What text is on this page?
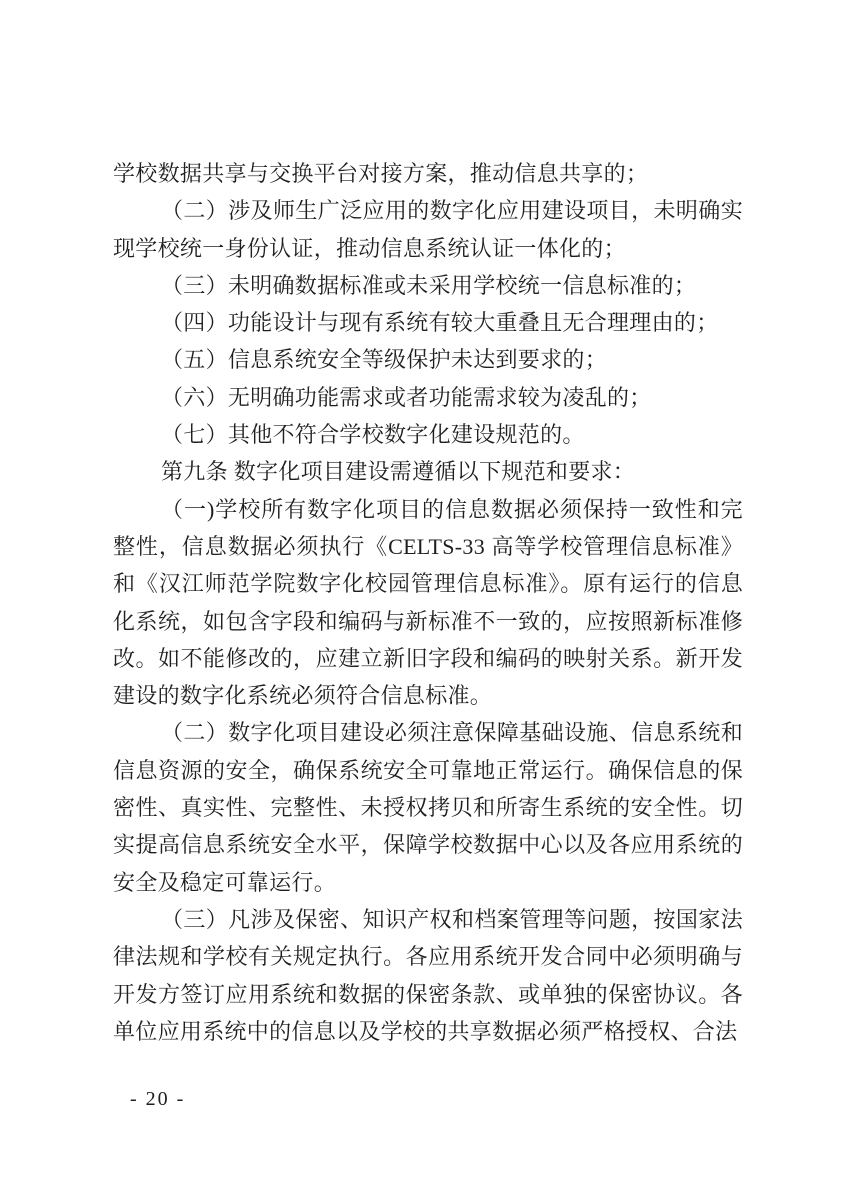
学校数据共享与交换平台对接方案，推动信息共享的；

（二）涉及师生广泛应用的数字化应用建设项目，未明确实现学校统一身份认证，推动信息系统认证一体化的；

（三）未明确数据标准或未采用学校统一信息标准的；

（四）功能设计与现有系统有较大重叠且无合理理由的；

（五）信息系统安全等级保护未达到要求的；

（六）无明确功能需求或者功能需求较为凌乱的；

（七）其他不符合学校数字化建设规范的。

第九条 数字化项目建设需遵循以下规范和要求：

（一)学校所有数字化项目的信息数据必须保持一致性和完整性，信息数据必须执行《CELTS-33 高等学校管理信息标准》和《汉江师范学院数字化校园管理信息标准》。原有运行的信息化系统，如包含字段和编码与新标准不一致的，应按照新标准修改。如不能修改的，应建立新旧字段和编码的映射关系。新开发建设的数字化系统必须符合信息标准。

（二）数字化项目建设必须注意保障基础设施、信息系统和信息资源的安全，确保系统安全可靠地正常运行。确保信息的保密性、真实性、完整性、未授权拷贝和所寄生系统的安全性。切实提高信息系统安全水平，保障学校数据中心以及各应用系统的安全及稳定可靠运行。

（三）凡涉及保密、知识产权和档案管理等问题，按国家法律法规和学校有关规定执行。各应用系统开发合同中必须明确与开发方签订应用系统和数据的保密条款、或单独的保密协议。各单位应用系统中的信息以及学校的共享数据必须严格授权、合法

- 20 -
